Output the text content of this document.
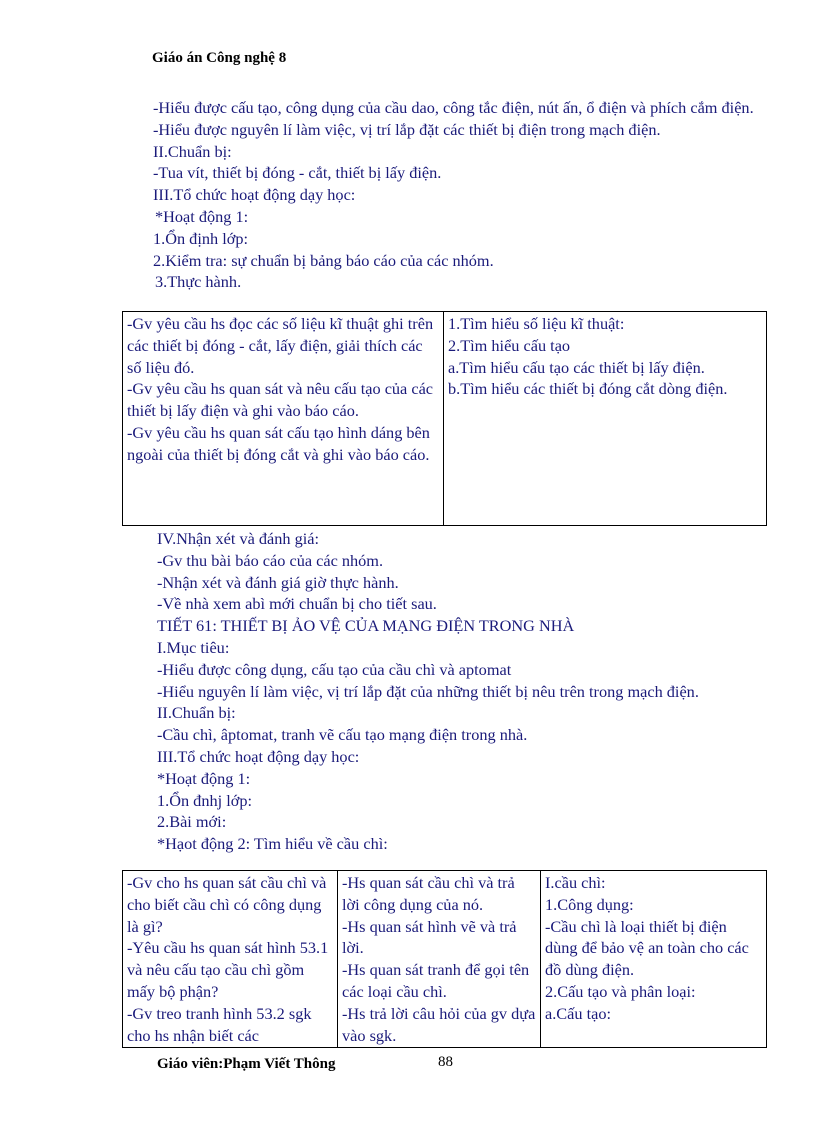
Giáo án Công nghệ 8
-Hiểu được cấu tạo, công dụng của cầu dao, công tắc điện, nút ấn, ổ điện và phích cắm điện.
-Hiểu được nguyên lí làm việc, vị trí lắp đặt các thiết bị điện trong mạch điện.
II.Chuẩn bị:
-Tua vít, thiết bị đóng - cắt, thiết bị lấy điện.
III.Tổ chức hoạt động dạy học:
*Hoạt động 1:
1.Ổn định lớp:
2.Kiểm tra: sự chuẩn bị bảng báo cáo của các nhóm.
3.Thực hành.
-Gv yêu cầu hs đọc các số liệu kĩ thuật ghi trên các thiết bị đóng - cắt, lấy điện, giải thích các số liệu đó.
-Gv yêu cầu hs quan sát và nêu cấu tạo của các thiết bị lấy điện và ghi vào báo cáo.
-Gv yêu cầu hs quan sát cấu tạo hình dáng bên ngoài của thiết bị đóng cắt và ghi vào báo cáo.

1.Tìm hiểu số liệu kĩ thuật:
2.Tìm hiểu cấu tạo
a.Tìm hiểu cấu tạo các thiết bị lấy điện.
b.Tìm hiểu các thiết bị đóng cắt dòng điện.
IV.Nhận xét và đánh giá:
-Gv thu bài báo cáo của các nhóm.
-Nhận xét và đánh giá giờ thực hành.
-Về nhà xem abì mới chuẩn bị cho tiết sau.
TIẾT 61: THIẾT BỊ ẢO VỆ CỦA MẠNG ĐIỆN TRONG NHÀ
I.Mục tiêu:
-Hiểu được công dụng, cấu tạo của cầu chì và aptomat
-Hiểu nguyên lí làm việc, vị trí lắp đặt của những thiết bị nêu trên trong mạch điện.
II.Chuẩn bị:
-Cầu chì, âptomat, tranh vẽ cấu tạo mạng điện trong nhà.
III.Tổ chức hoạt động dạy học:
*Hoạt động 1:
1.Ổn đnhj lớp:
2.Bài mới:
*Hạot động 2: Tìm hiểu về cầu chì:
-Gv cho hs quan sát cầu chì và cho biết cầu chì có công dụng là gì?
-Yêu cầu hs quan sát hình 53.1 và nêu cấu tạo cầu chì gồm mấy bộ phận?
-Gv treo tranh hình 53.2 sgk cho hs nhận biết các

-Hs quan sát cầu chì và trả lời công dụng của nó.
-Hs quan sát hình vẽ và trả lời.
-Hs quan sát tranh để gọi tên các loại cầu chì.
-Hs trả lời câu hỏi của gv dựa vào sgk.

I.cầu chì:
1.Công dụng:
-Cầu chì là loại thiết bị điện dùng để bảo vệ an toàn cho các đồ dùng điện.
2.Cấu tạo và phân loại:
a.Cấu tạo:
Giáo viên:Phạm Viết Thông	88
